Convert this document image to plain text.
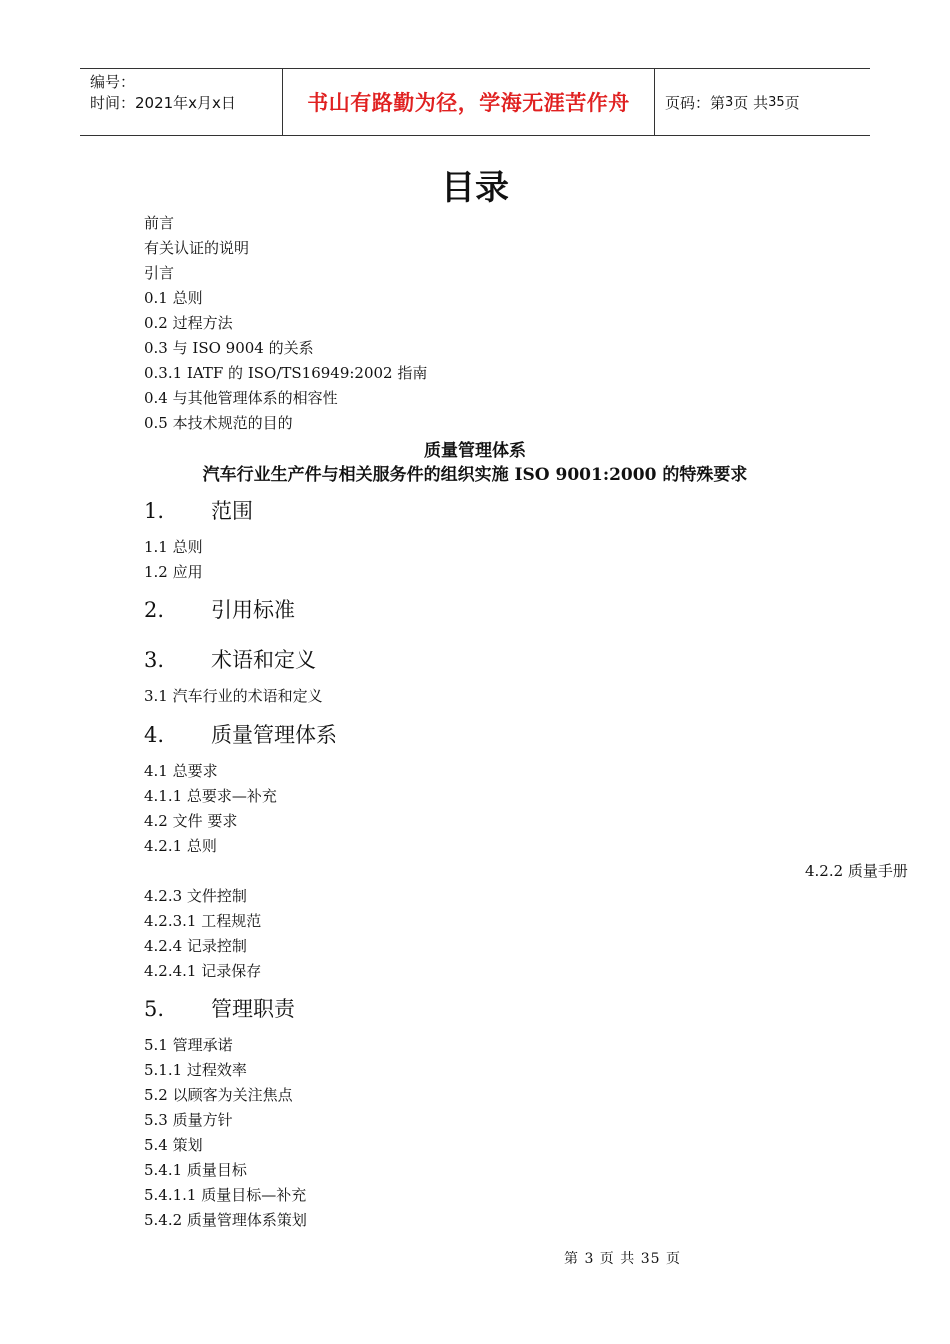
编号：
时间：2021年x月x日	书山有路勤为径，学海无涯苦作舟	页码：第 3 页 共 35 页
目录
前言
有关认证的说明
引言
0.1 总则
0.2 过程方法
0.3 与 ISO 9004 的关系
0.3.1 IATF 的 ISO/TS16949:2002 指南
0.4 与其他管理体系的相容性
0.5 本技术规范的目的
质量管理体系
汽车行业生产件与相关服务件的组织实施 ISO 9001:2000 的特殊要求
1. 范围
1.1 总则
1.2 应用
2. 引用标准
3. 术语和定义
3.1 汽车行业的术语和定义
4. 质量管理体系
4.1 总要求
4.1.1 总要求—补充
4.2 文件 要求
4.2.1 总则
4.2.2 质量手册
4.2.3 文件控制
4.2.3.1 工程规范
4.2.4 记录控制
4.2.4.1 记录保存
5. 管理职责
5.1 管理承诺
5.1.1 过程效率
5.2 以顾客为关注焦点
5.3 质量方针
5.4 策划
5.4.1 质量目标
5.4.1.1 质量目标—补充
5.4.2 质量管理体系策划
第 3 页 共 35 页
